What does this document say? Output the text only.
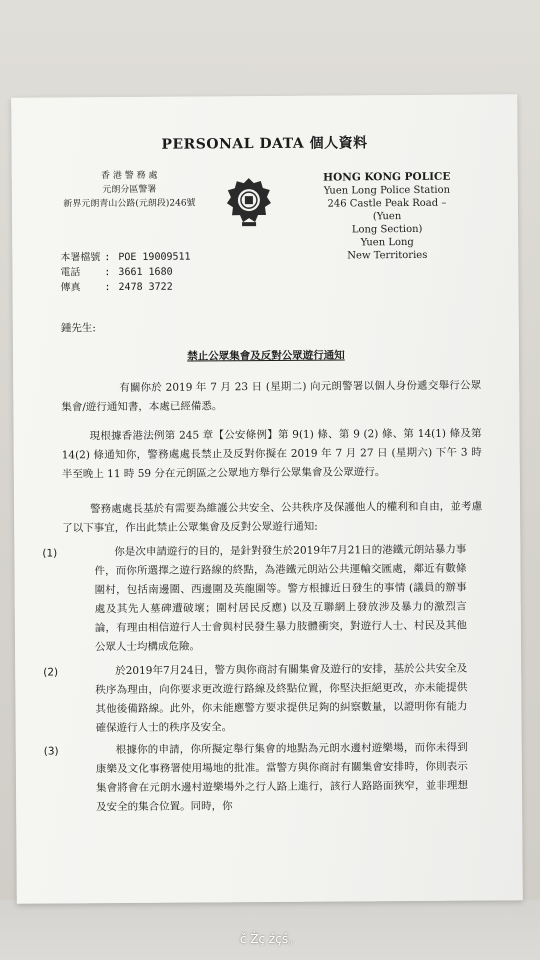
PERSONAL DATA 個人資料
香 港 警 務 處
元朗分區警署
新界元朗青山公路(元朗段)246號
HONG KONG POLICE
Yuen Long Police Station
246 Castle Peak Road – (Yuen
Long Section)
Yuen Long
New Territories
本署檔號 : POE 19009511
電話	: 3661 1680
傳真	: 2478 3722
鍾先生:
禁止公眾集會及反對公眾遊行通知
有關你於 2019 年 7 月 23 日 (星期二) 向元朗警署以個人身份遞交舉行公眾集會/遊行通知書，本處已經備悉。
現根據香港法例第 245 章【公安條例】第 9(1) 條、第 9 (2) 條、第 14(1) 條及第 14(2) 條通知你，警務處處長禁止及反對你擬在 2019 年 7 月 27 日 (星期六) 下午 3 時半至晚上 11 時 59 分在元朗區之公眾地方舉行公眾集會及公眾遊行。
警務處處長基於有需要為維護公共安全、公共秩序及保護他人的權利和自由，並考慮了以下事宜，作出此禁止公眾集會及反對公眾遊行通知:
(1)	你是次申請遊行的目的，是針對發生於2019年7月21日的港鐵元朗站暴力事件，而你所選擇之遊行路線的終點，為港鐵元朗站公共運輸交匯處，鄰近有數條圍村，包括南邊圍、西邊圍及英龍圍等。警方根據近日發生的事情 (議員的辦事處及其先人墓碑遭破壞；圍村居民反應) 以及互聯網上發放涉及暴力的激烈言論，有理由相信遊行人士會與村民發生暴力肢體衝突，對遊行人士、村民及其他公眾人士均構成危險。
(2)	於2019年7月24日，警方與你商討有關集會及遊行的安排，基於公共安全及秩序為理由，向你要求更改遊行路線及終點位置，你堅決拒絕更改，亦未能提供其他後備路線。此外，你未能應警方要求提供足夠的糾察數量，以證明你有能力確保遊行人士的秩序及安全。
(3)	根據你的申請，你所擬定舉行集會的地點為元朗水邊村遊樂場，而你未得到康樂及文化事務署使用場地的批准。當警方與你商討有關集會安排時，你則表示集會將會在元朗水邊村遊樂場外之行人路上進行，該行人路路面狹窄，並非理想及安全的集合位置。同時，你
č Żç źçś。
